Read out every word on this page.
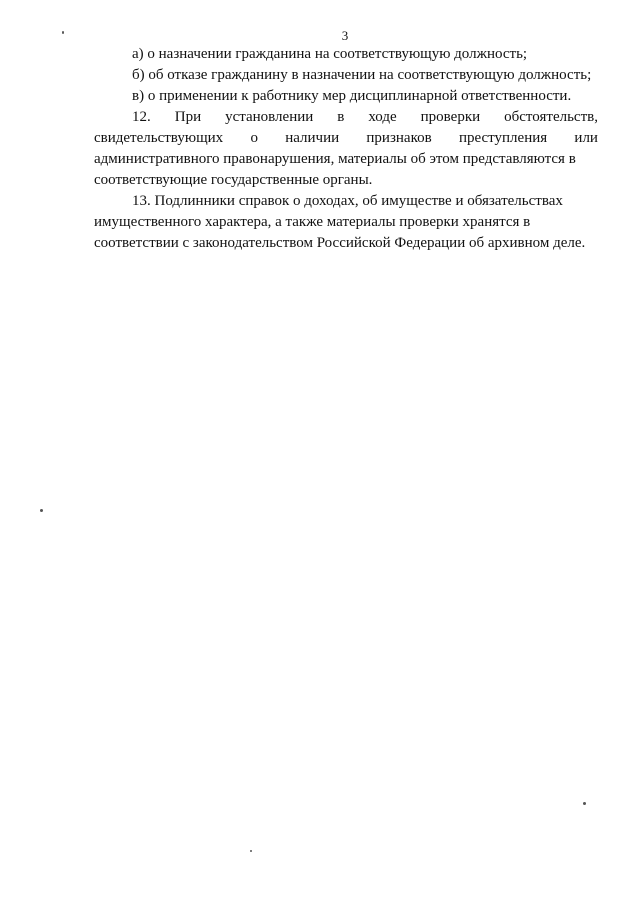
3
а) о назначении гражданина на соответствующую должность;
б) об отказе гражданину в назначении на соответствующую должность;
в) о применении к работнику мер дисциплинарной ответственности.
12. При установлении в ходе проверки обстоятельств,
свидетельствующих о наличии признаков преступления или
административного правонарушения, материалы об этом представляются в
соответствующие государственные органы.
13. Подлинники справок о доходах, об имуществе и обязательствах
имущественного характера, а также материалы проверки хранятся в
соответствии с законодательством Российской Федерации об архивном деле.
